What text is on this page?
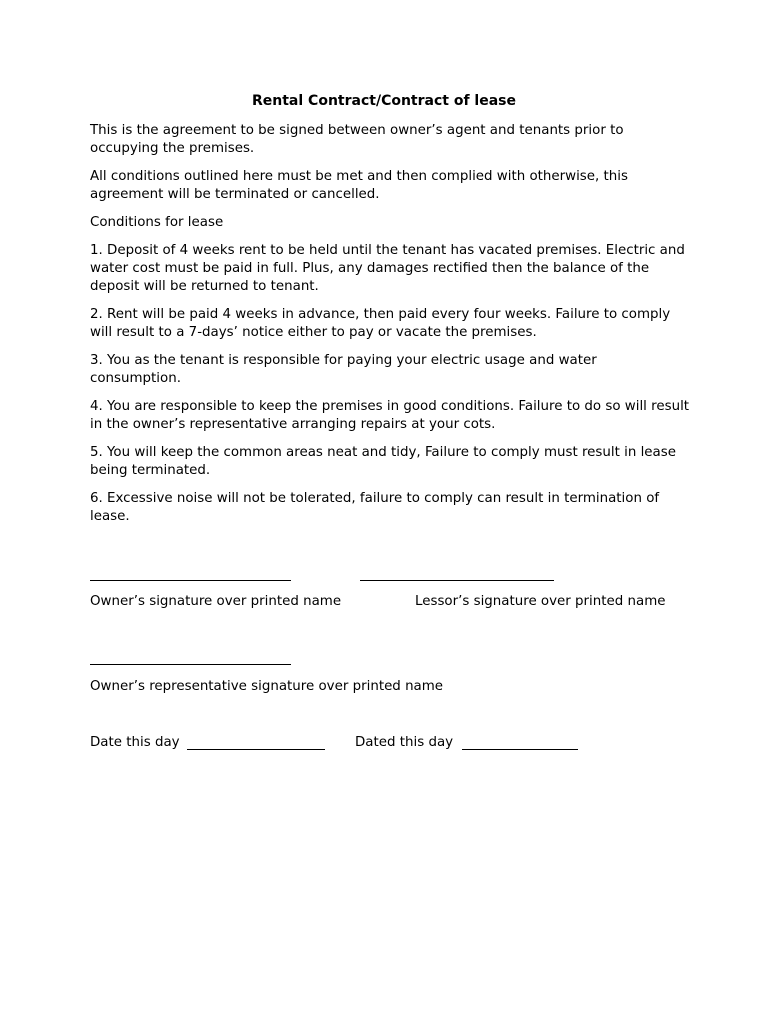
Rental Contract/Contract of lease

This is the agreement to be signed between owner’s agent and tenants prior to occupying the premises.

All conditions outlined here must be met and then complied with otherwise, this agreement will be terminated or cancelled.

Conditions for lease

1. Deposit of 4 weeks rent to be held until the tenant has vacated premises. Electric and water cost must be paid in full. Plus, any damages rectified then the balance of the deposit will be returned to tenant.

2. Rent will be paid 4 weeks in advance, then paid every four weeks. Failure to comply will result to a 7-days’ notice either to pay or vacate the premises.

3. You as the tenant is responsible for paying your electric usage and water consumption.

4. You are responsible to keep the premises in good conditions. Failure to do so will result in the owner’s representative arranging repairs at your cots.

5. You will keep the common areas neat and tidy, Failure to comply must result in lease being terminated.

6. Excessive noise will not be tolerated, failure to comply can result in termination of lease.

Owner’s signature over printed name	Lessor’s signature over printed name
Owner’s representative signature over printed name
Date this day	Dated this day
